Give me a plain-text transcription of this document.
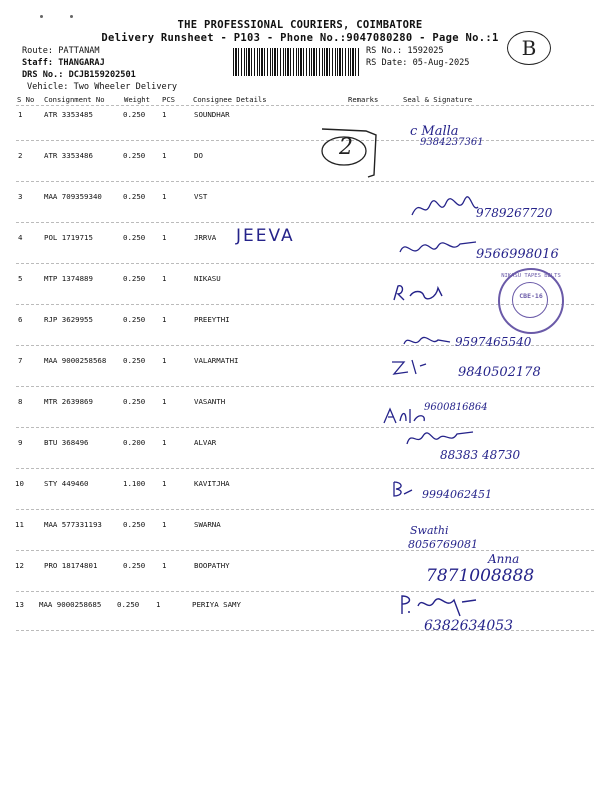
THE PROFESSIONAL COURIERS, COIMBATORE
Delivery Runsheet - P103 - Phone No.:9047080280 - Page No.:1	B
Route: PATTANAM
Staff: THANGARAJ
DRS No.: DCJB159202501
Vehicle: Two Wheeler Delivery
RS No.: 1592025
RS Date: 05-Aug-2025
S No Consignment No	Weight PCS	Consignee Details	Remarks	Seal & Signature
1	ATR 3353485	0.250 1	SOUNDHAR
2	ATR 3353486	0.250 1	DO
3	MAA 709359340	0.250 1	VST
4	POL 1719715	0.250 1	JRRVA
5	MTP 1374889	0.250 1	NIKASU
6	RJP 3629955	0.250 1	PREEYTHI
7	MAA 9000258568 0.250 1	VALARMATHI
8	MTR 2639869	0.250 1	VASANTH
9	BTU 368496	0.200 1	ALVAR
10	STY 449460	1.100 1	KAVITJHA
11	MAA 577331193	0.250 1	SWARNA
12	PRO 18174801	0.250 1	BOOPATHY
13 MAA 9000258685 0.250 1	PERIYA SAMY
2
JEEVA
c Malla
9384237361
9789267720
9566998016
NIKASU TAPES BELTS
CBE-16
9597465540
9840502178
9600816864
88383 48730
9994062451
Swathi
8056769081
Anna
7871008888
6382634053
